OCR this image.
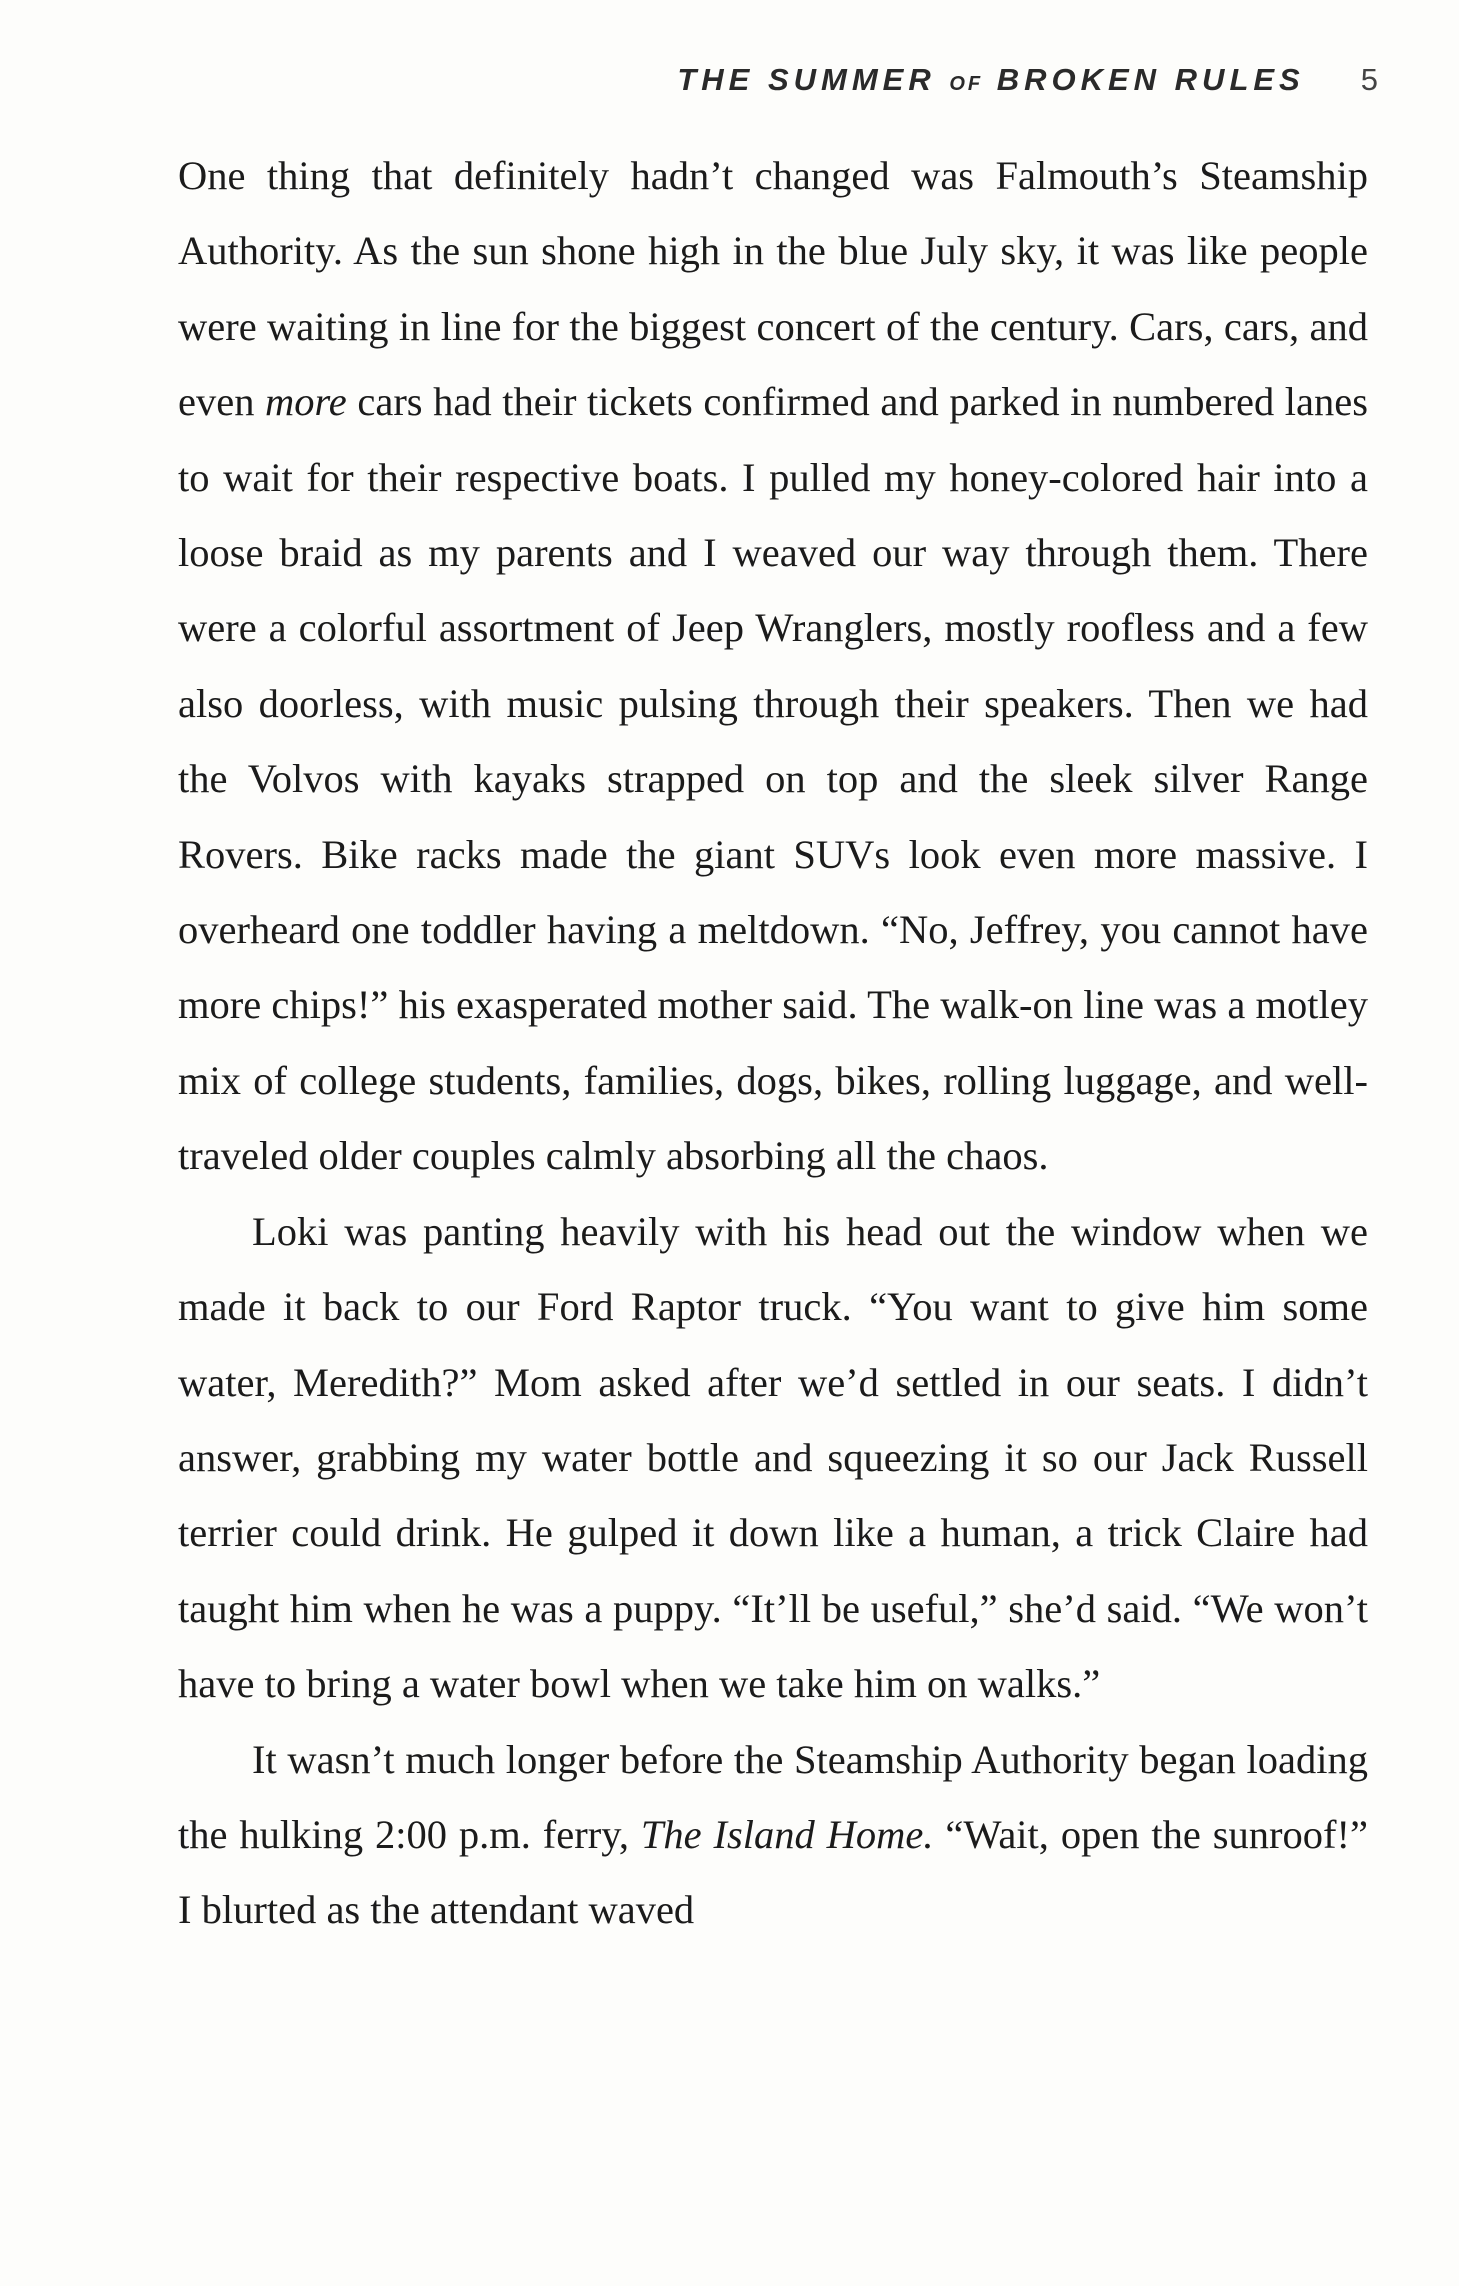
THE SUMMER OF BROKEN RULES 5

One thing that definitely hadn’t changed was Falmouth’s Steamship Authority. As the sun shone high in the blue July sky, it was like people were waiting in line for the biggest concert of the century. Cars, cars, and even more cars had their tickets confirmed and parked in numbered lanes to wait for their respective boats. I pulled my honey-colored hair into a loose braid as my parents and I weaved our way through them. There were a colorful assortment of Jeep Wranglers, mostly roofless and a few also doorless, with music pulsing through their speakers. Then we had the Volvos with kayaks strapped on top and the sleek silver Range Rovers. Bike racks made the giant SUVs look even more massive. I overheard one toddler having a meltdown. “No, Jeffrey, you cannot have more chips!” his exasperated mother said. The walk-on line was a motley mix of college students, families, dogs, bikes, rolling luggage, and well-traveled older couples calmly absorbing all the chaos.

Loki was panting heavily with his head out the window when we made it back to our Ford Raptor truck. “You want to give him some water, Meredith?” Mom asked after we’d settled in our seats. I didn’t answer, grabbing my water bottle and squeezing it so our Jack Russell terrier could drink. He gulped it down like a human, a trick Claire had taught him when he was a puppy. “It’ll be useful,” she’d said. “We won’t have to bring a water bowl when we take him on walks.”

It wasn’t much longer before the Steamship Authority began loading the hulking 2:00 p.m. ferry, The Island Home. “Wait, open the sunroof!” I blurted as the attendant waved
